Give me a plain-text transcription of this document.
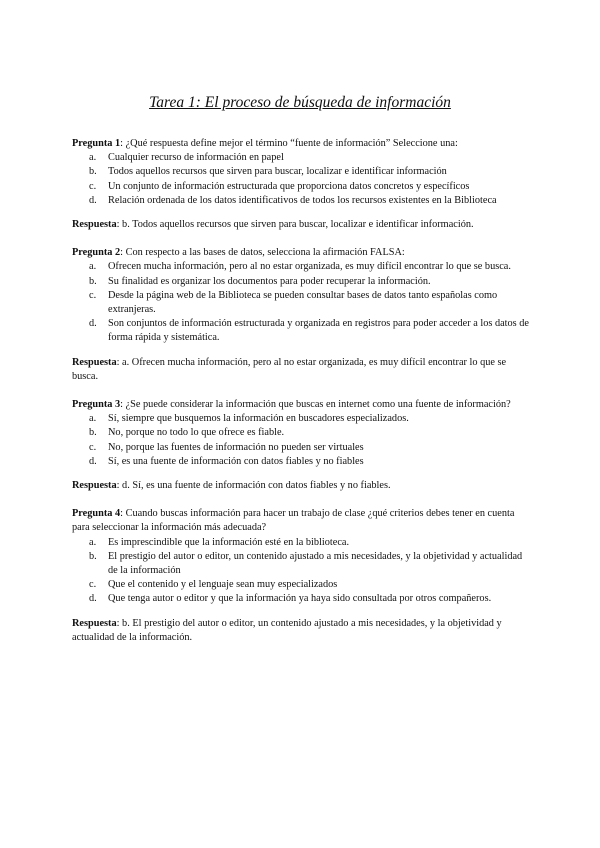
Tarea 1: El proceso de búsqueda de información

Pregunta 1: ¿Qué respuesta define mejor el término “fuente de información” Seleccione una:

a. Cualquier recurso de información en papel
b. Todos aquellos recursos que sirven para buscar, localizar e identificar información
c. Un conjunto de información estructurada que proporciona datos concretos y específicos
d. Relación ordenada de los datos identificativos de todos los recursos existentes en la Biblioteca

Respuesta: b. Todos aquellos recursos que sirven para buscar, localizar e identificar información.

Pregunta 2: Con respecto a las bases de datos, selecciona la afirmación FALSA:

a. Ofrecen mucha información, pero al no estar organizada, es muy difícil encontrar lo que se busca.
b. Su finalidad es organizar los documentos para poder recuperar la información.
c. Desde la página web de la Biblioteca se pueden consultar bases de datos tanto españolas como extranjeras.
d. Son conjuntos de información estructurada y organizada en registros para poder acceder a los datos de forma rápida y sistemática.

Respuesta: a. Ofrecen mucha información, pero al no estar organizada, es muy difícil encontrar lo que se busca.

Pregunta 3: ¿Se puede considerar la información que buscas en internet como una fuente de información?

a. Sí, siempre que busquemos la información en buscadores especializados.
b. No, porque no todo lo que ofrece es fiable.
c. No, porque las fuentes de información no pueden ser virtuales
d. Sí, es una fuente de información con datos fiables y no fiables

Respuesta: d. Sí, es una fuente de información con datos fiables y no fiables.

Pregunta 4: Cuando buscas información para hacer un trabajo de clase ¿qué criterios debes tener en cuenta para seleccionar la información más adecuada?

a. Es imprescindible que la información esté en la biblioteca.
b. El prestigio del autor o editor, un contenido ajustado a mis necesidades, y la objetividad y actualidad de la información
c. Que el contenido y el lenguaje sean muy especializados
d. Que tenga autor o editor y que la información ya haya sido consultada por otros compañeros.

Respuesta: b. El prestigio del autor o editor, un contenido ajustado a mis necesidades, y la objetividad y actualidad de la información.
